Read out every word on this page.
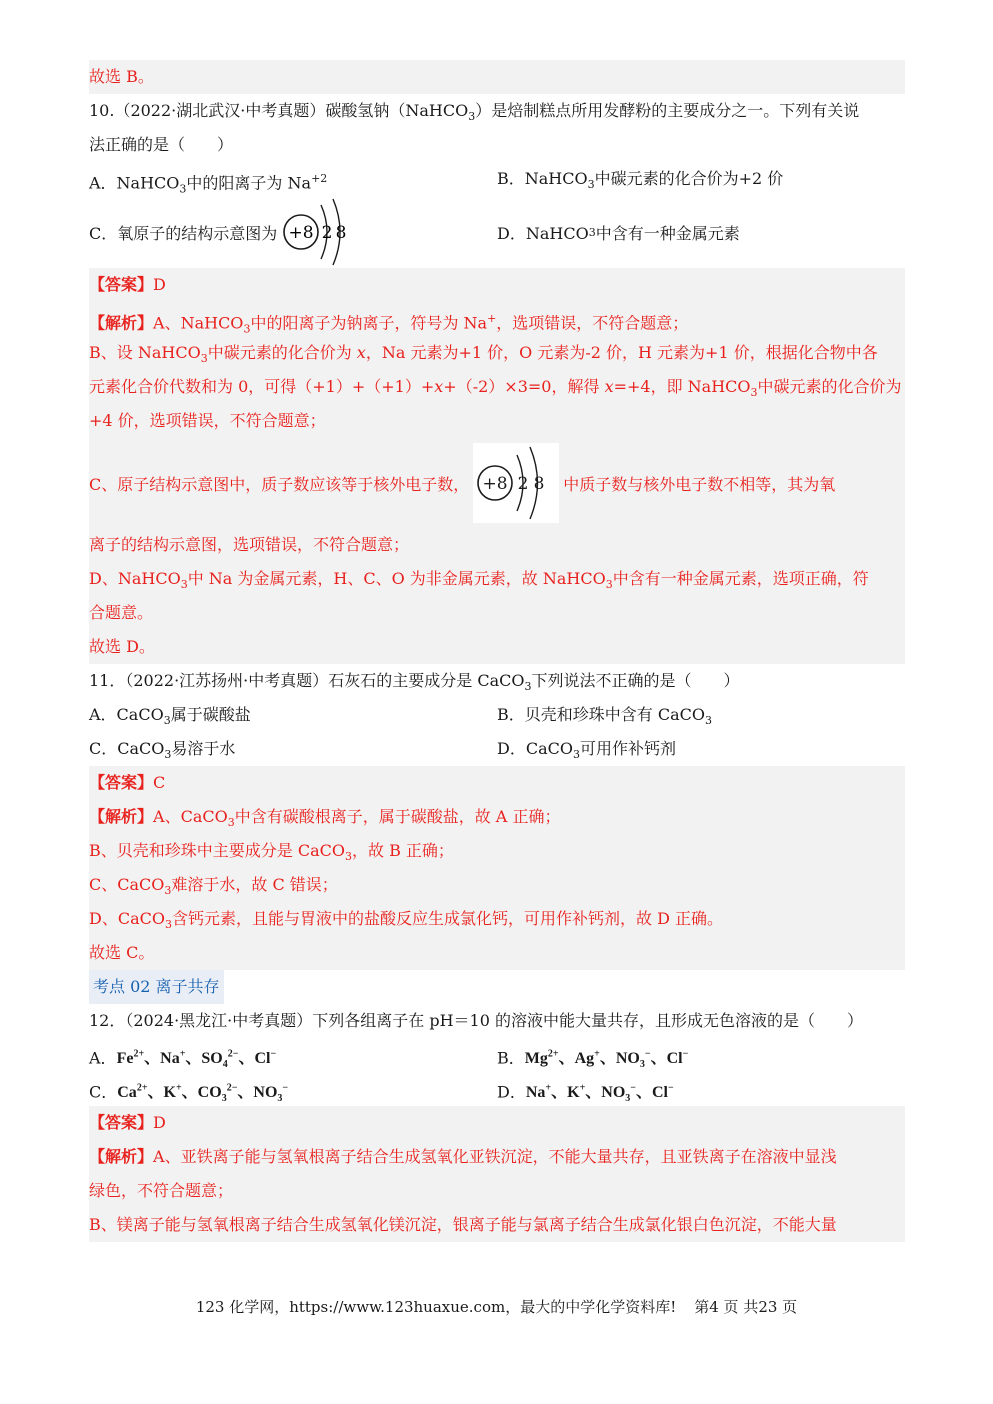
故选 B。
10.（2022·湖北武汉·中考真题）碳酸氢钠（NaHCO$_3$）是焙制糕点所用发酵粉的主要成分之一。下列有关说
法正确的是（　　）
A．NaHCO$_3$中的阳离子为 $Na^{+2}$	B．NaHCO$_3$中碳元素的化合价为+2 价
C．氧原子的结构示意图为 +8 2 8	D．NaHCO 3 中含有一种金属元素
【答案】D
【解析】A、NaHCO$_3$中的阳离子为钠离子，符号为 Na+，选项错误，不符合题意；
B、设 NaHCO$_3$中碳元素的化合价为 x，Na 元素为+1 价，O 元素为-2 价，H 元素为+1 价，根据化合物中各
元素化合价代数和为 0，可得（+1）+（+1）+x+（-2）×3=0，解得 x=+4，即 NaHCO$_3$中碳元素的化合价为
+4 价，选项错误，不符合题意；
C、原子结构示意图中，质子数应该等于核外电子数， +8 2 8 中质子数与核外电子数不相等，其为氧
离子的结构示意图，选项错误，不符合题意；
D、NaHCO$_3$中 Na 为金属元素，H、C、O 为非金属元素，故 NaHCO$_3$中含有一种金属元素，选项正确，符
合题意。
故选 D。
11．（2022·江苏扬州·中考真题）石灰石的主要成分是 CaCO$_3$下列说法不正确的是（　　）
A．CaCO$_3$属于碳酸盐	B．贝壳和珍珠中含有 CaCO$_3$
C．CaCO$_3$易溶于水	D．CaCO$_3$可用作补钙剂
【答案】C
【解析】A、CaCO$_3$中含有碳酸根离子，属于碳酸盐，故 A 正确；
B、贝壳和珍珠中主要成分是 CaCO$_3$，故 B 正确；
C、CaCO$_3$难溶于水，故 C 错误；
D、CaCO$_3$含钙元素，且能与胃液中的盐酸反应生成氯化钙，可用作补钙剂，故 D 正确。
故选 C。
考点 02 离子共存
12．（2024·黑龙江·中考真题）下列各组离子在 pH＝10 的溶液中能大量共存，且形成无色溶液的是（　　）
A．$Fe^{2+}$、Na+、$SO_4^{2-}$、Cl−	B．$Mg^{2+}$、Ag+、$NO_3^-$、Cl−
C．$Ca^{2+}$、K+、$CO_3^{2-}$、$NO_3^-$	D．Na+、K+、$NO_3^-$、Cl−
【答案】D
【解析】A、亚铁离子能与氢氧根离子结合生成氢氧化亚铁沉淀，不能大量共存，且亚铁离子在溶液中显浅
绿色，不符合题意；
B、镁离子能与氢氧根离子结合生成氢氧化镁沉淀，银离子能与氯离子结合生成氯化银白色沉淀，不能大量
123 化学网，https://www.123huaxue.com，最大的中学化学资料库! 第4 页 共23 页
